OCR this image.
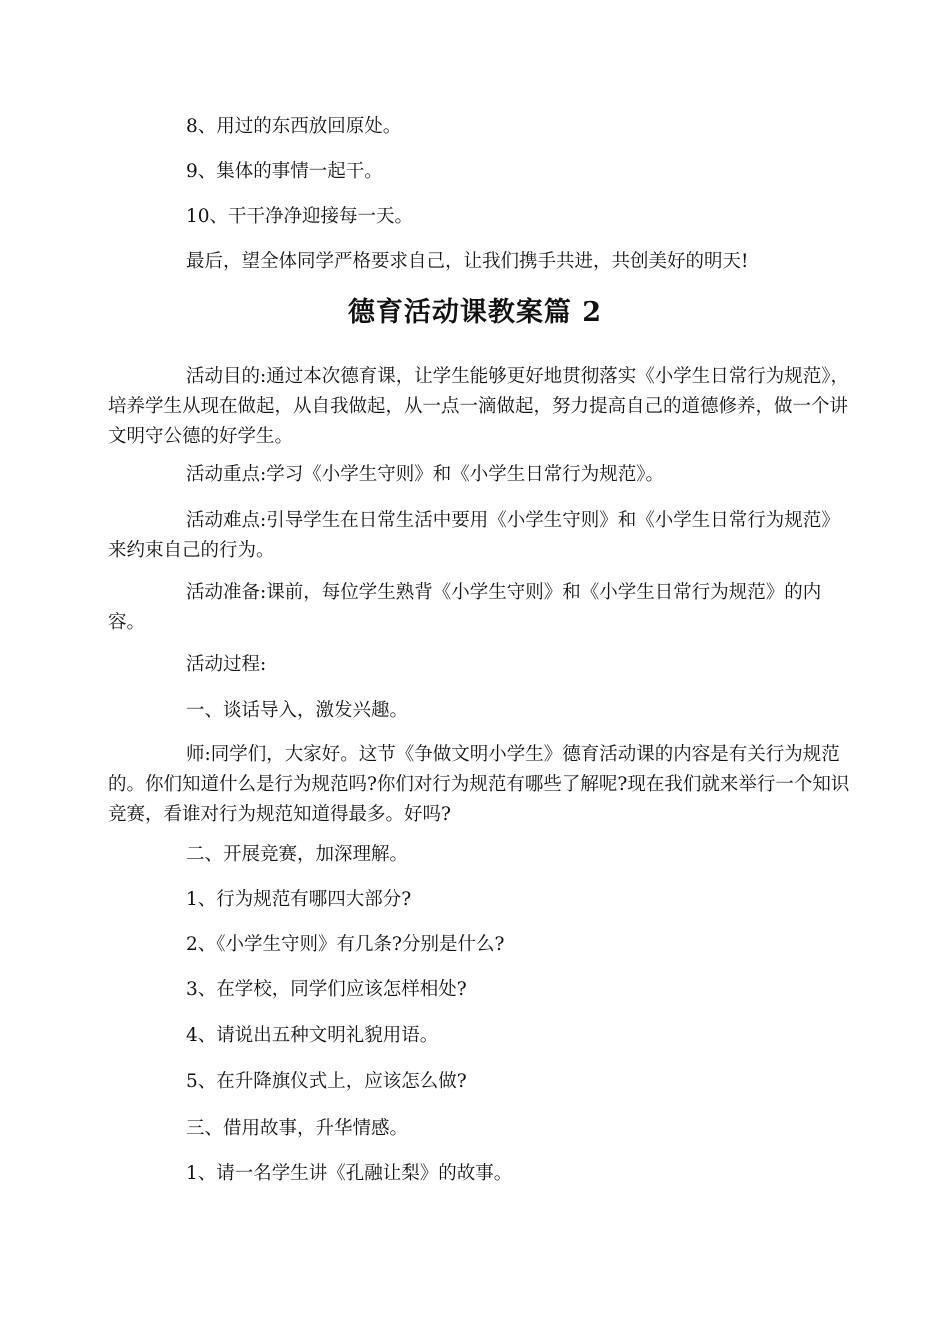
8、用过的东西放回原处。

9、集体的事情一起干。

10、干干净净迎接每一天。

最后，望全体同学严格要求自己，让我们携手共进，共创美好的明天!

德育活动课教案篇 2

活动目的:通过本次德育课，让学生能够更好地贯彻落实《小学生日常行为规范》，培养学生从现在做起，从自我做起，从一点一滴做起，努力提高自己的道德修养，做一个讲文明守公德的好学生。

活动重点:学习《小学生守则》和《小学生日常行为规范》。

活动难点:引导学生在日常生活中要用《小学生守则》和《小学生日常行为规范》来约束自己的行为。

活动准备:课前，每位学生熟背《小学生守则》和《小学生日常行为规范》的内容。

活动过程:

一、谈话导入，激发兴趣。

师:同学们，大家好。这节《争做文明小学生》德育活动课的内容是有关行为规范的。你们知道什么是行为规范吗?你们对行为规范有哪些了解呢?现在我们就来举行一个知识竞赛，看谁对行为规范知道得最多。好吗?

二、开展竞赛，加深理解。

1、行为规范有哪四大部分?

2、《小学生守则》有几条?分别是什么?

3、在学校，同学们应该怎样相处?

4、请说出五种文明礼貌用语。

5、在升降旗仪式上，应该怎么做?

三、借用故事，升华情感。

1、请一名学生讲《孔融让梨》的故事。
